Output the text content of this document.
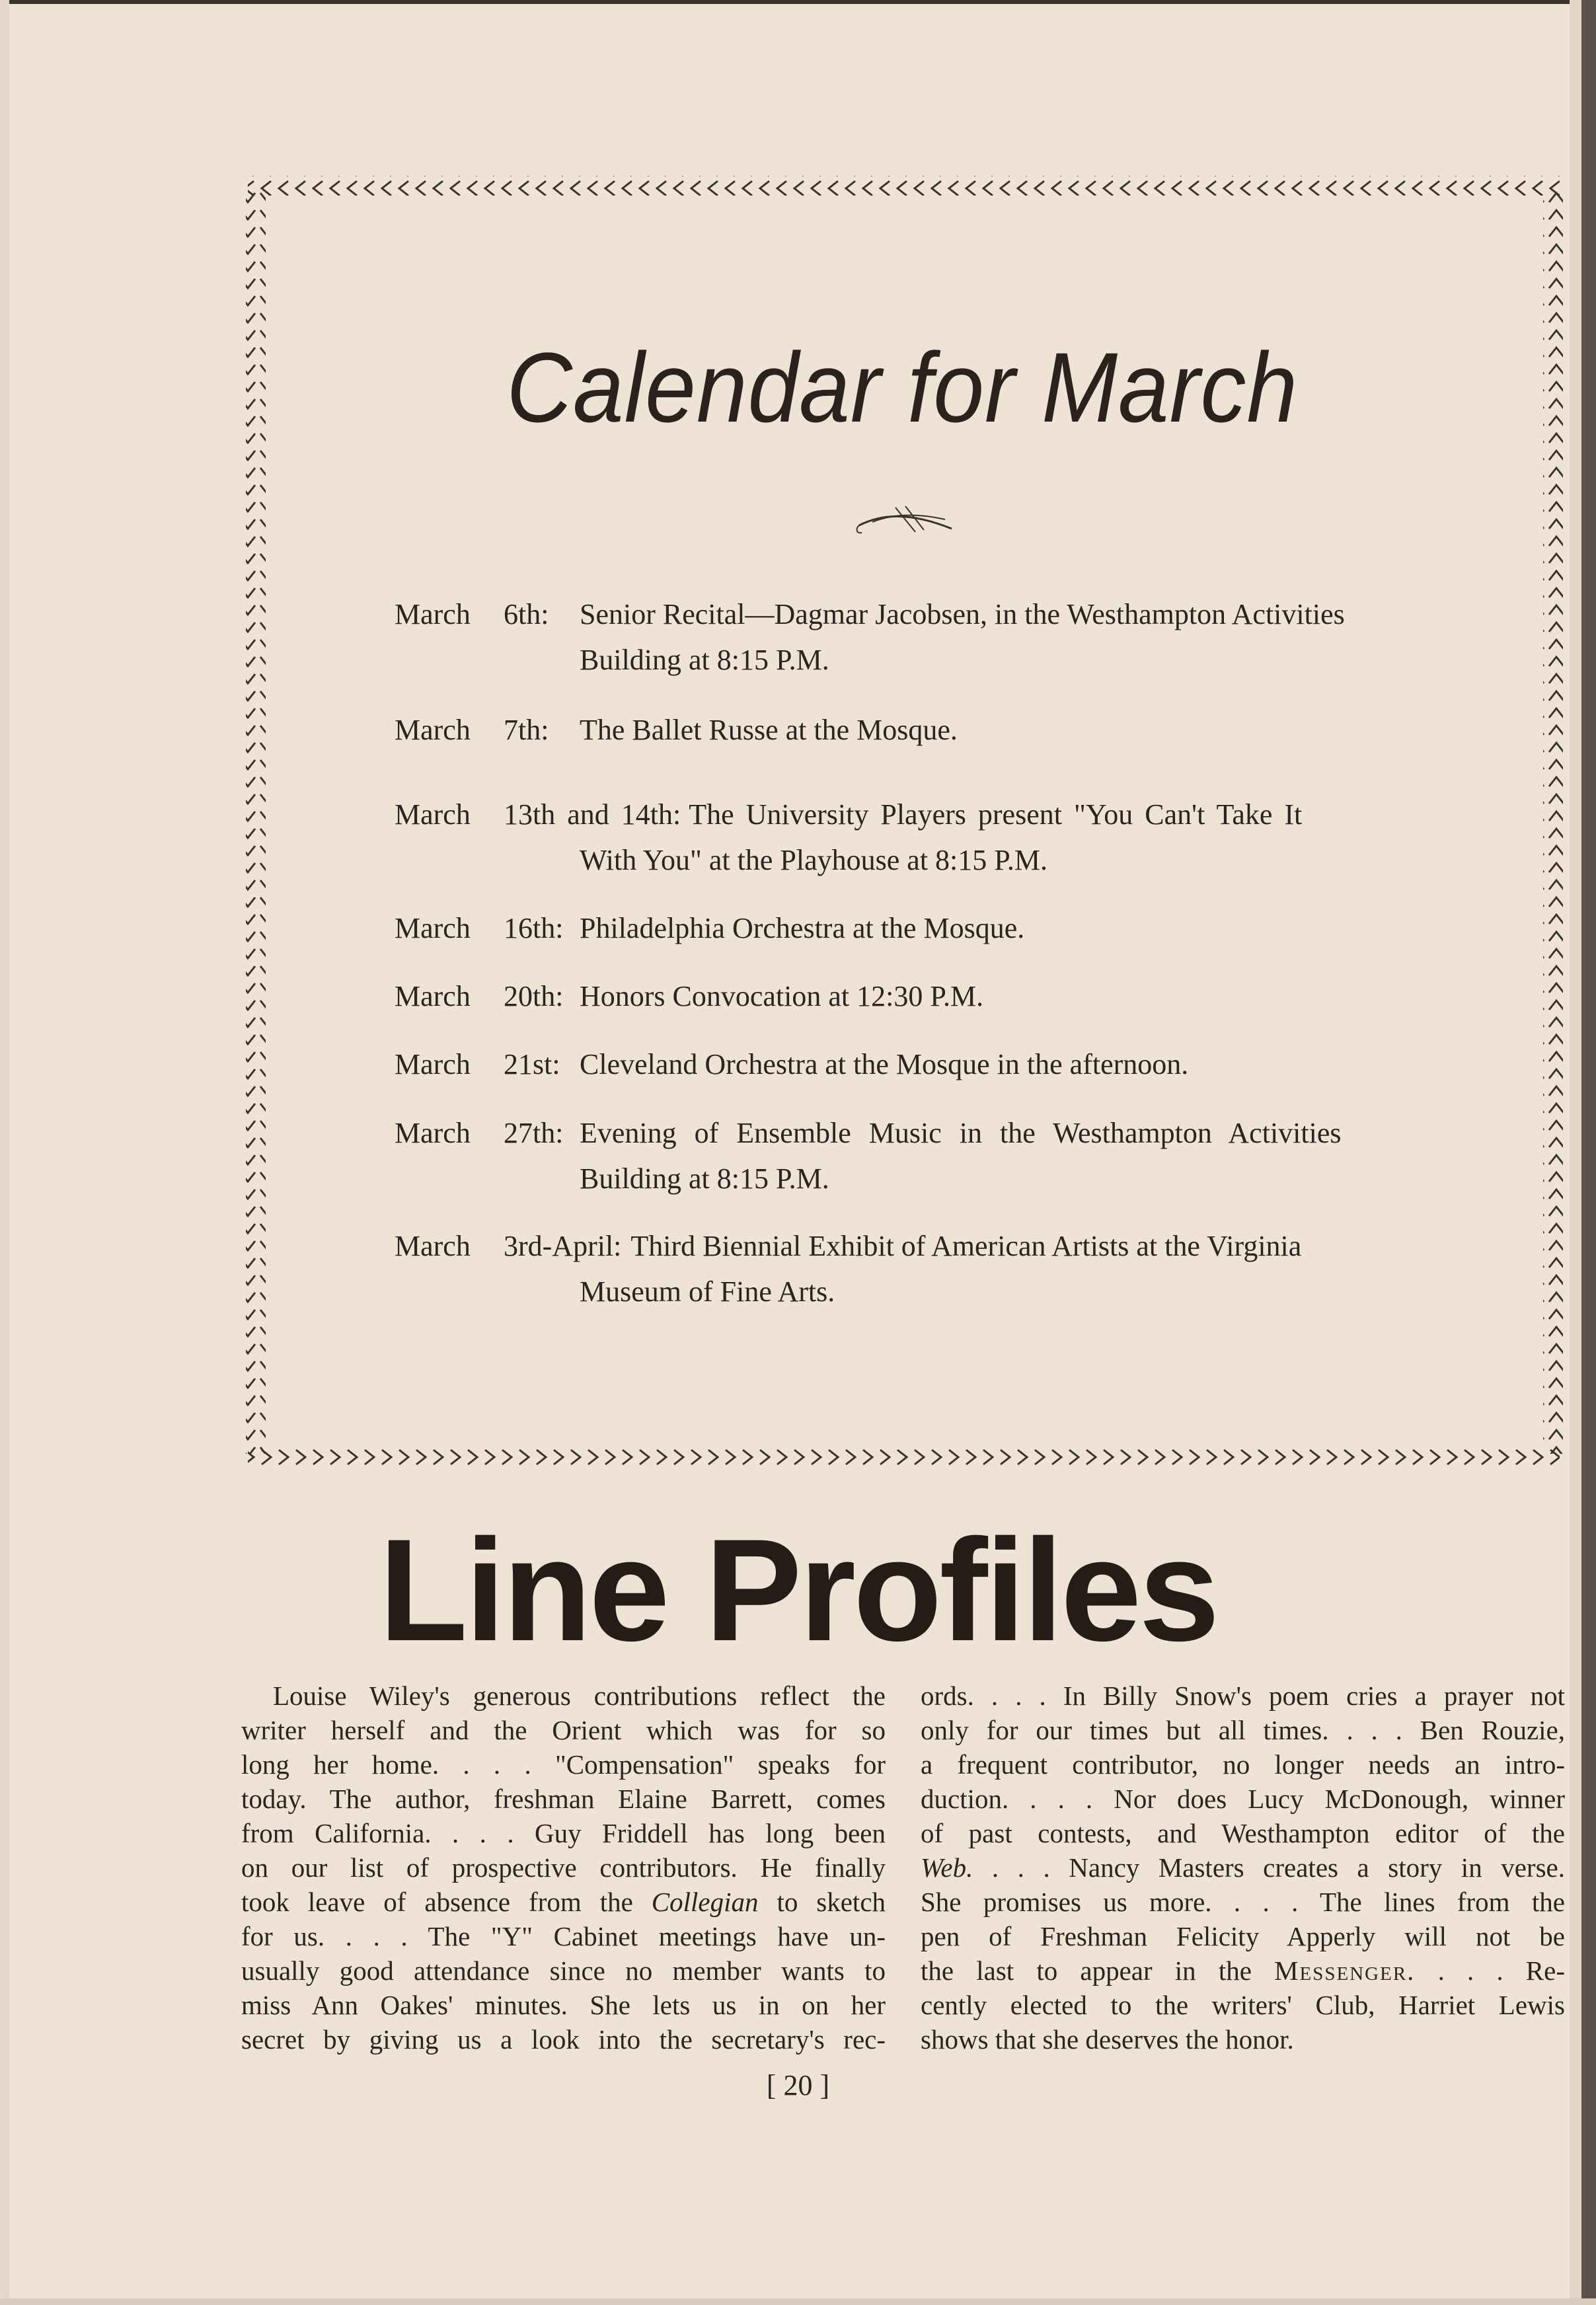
Calendar for March
March 6th: Senior Recital—Dagmar Jacobsen, in the Westhampton Activities
Building at 8:15 P.M.
March 7th: The Ballet Russe at the Mosque.
March 13th and 14th: The University Players present "You Can't Take It
With You" at the Playhouse at 8:15 P.M.
March 16th: Philadelphia Orchestra at the Mosque.
March 20th: Honors Convocation at 12:30 P.M.
March 21st: Cleveland Orchestra at the Mosque in the afternoon.
March 27th: Evening of Ensemble Music in the Westhampton Activities
Building at 8:15 P.M.
March 3rd-April: Third Biennial Exhibit of American Artists at the Virginia
Museum of Fine Arts.
Line Profiles
Louise Wiley's generous contributions reflect the
writer herself and the Orient which was for so
long her home. . . . "Compensation" speaks for
today. The author, freshman Elaine Barrett, comes
from California. . . . Guy Friddell has long been
on our list of prospective contributors. He finally
took leave of absence from the Collegian to sketch
for us. . . . The "Y" Cabinet meetings have un-
usually good attendance since no member wants to
miss Ann Oakes' minutes. She lets us in on her
secret by giving us a look into the secretary's rec-
ords. . . . In Billy Snow's poem cries a prayer not
only for our times but all times. . . . Ben Rouzie,
a frequent contributor, no longer needs an intro-
duction. . . . Nor does Lucy McDonough, winner
of past contests, and Westhampton editor of the
Web. . . . Nancy Masters creates a story in verse.
She promises us more. . . . The lines from the
pen of Freshman Felicity Apperly will not be
the last to appear in the Messenger. . . . Re-
cently elected to the writers' Club, Harriet Lewis
shows that she deserves the honor.
[ 20 ]
